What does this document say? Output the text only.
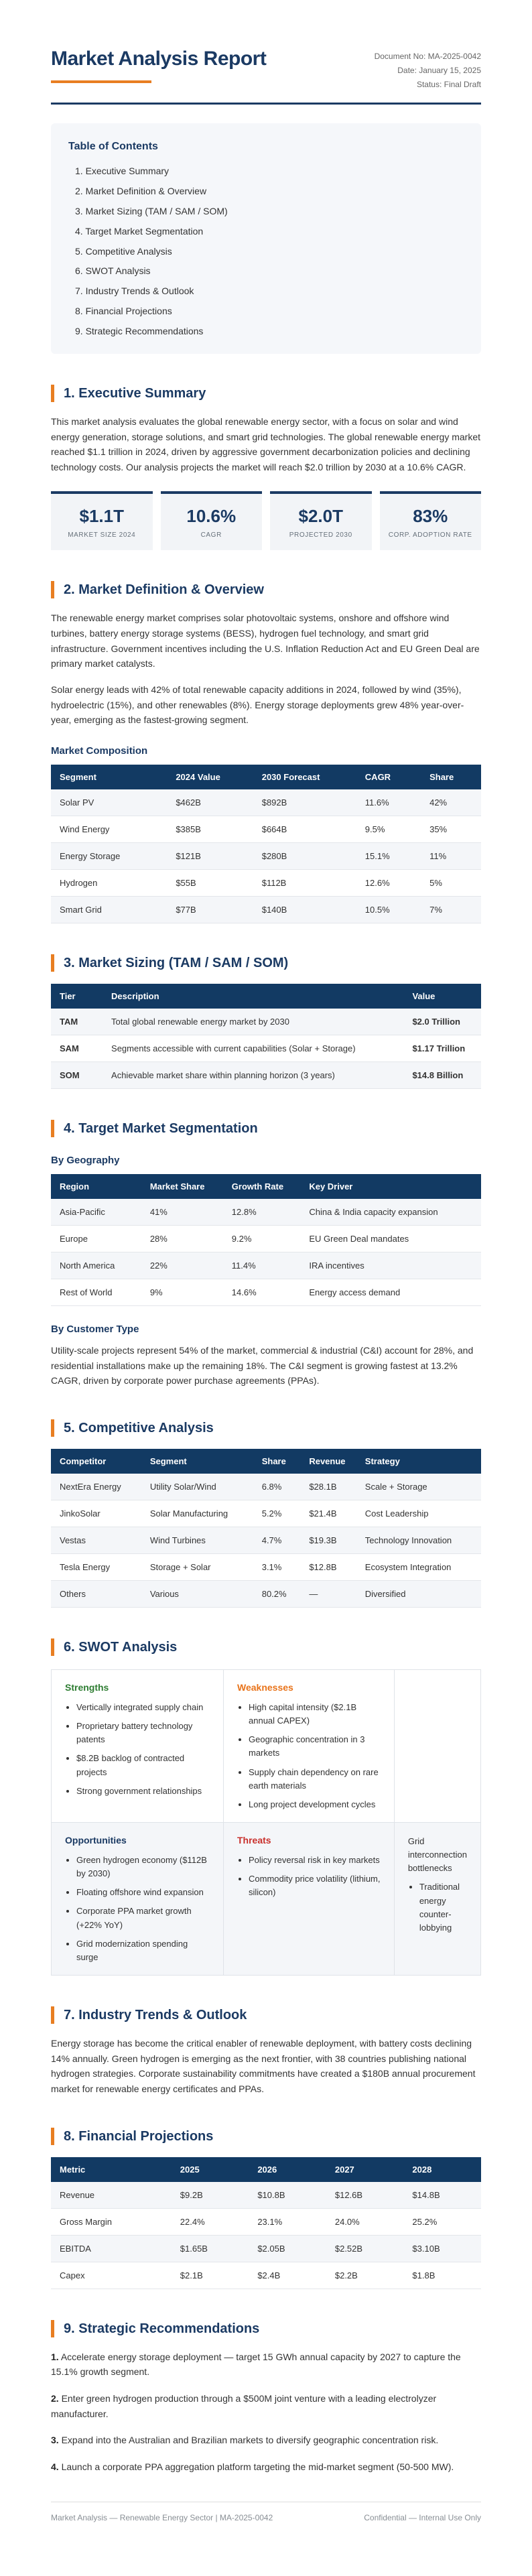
Market Analysis Report	Document No: MA-2025-0042
Date: January 15, 2025
Status: Final Draft
Table of Contents
1. Executive Summary
2. Market Definition & Overview
3. Market Sizing (TAM / SAM / SOM)
4. Target Market Segmentation
5. Competitive Analysis
6. SWOT Analysis
7. Industry Trends & Outlook
8. Financial Projections
9. Strategic Recommendations
1. Executive Summary

This market analysis evaluates the global renewable energy sector, with a focus on solar and wind energy generation, storage solutions, and smart grid technologies. The global renewable energy market reached $1.1 trillion in 2024, driven by aggressive government decarbonization policies and declining technology costs. Our analysis projects the market will reach $2.0 trillion by 2030 at a 10.6% CAGR.

$1.1T
MARKET SIZE 2024
10.6%
CAGR
$2.0T
PROJECTED 2030
83%
CORP. ADOPTION RATE
2. Market Definition & Overview

The renewable energy market comprises solar photovoltaic systems, onshore and offshore wind turbines, battery energy storage systems (BESS), hydrogen fuel technology, and smart grid infrastructure. Government incentives including the U.S. Inflation Reduction Act and EU Green Deal are primary market catalysts.

Solar energy leads with 42% of total renewable capacity additions in 2024, followed by wind (35%), hydroelectric (15%), and other renewables (8%). Energy storage deployments grew 48% year-over-year, emerging as the fastest-growing segment.

Market Composition
Segment	2024 Value	2030 Forecast	CAGR	Share
Solar PV	$462B	$892B	11.6%	42%
Wind Energy	$385B	$664B	9.5%	35%
Energy Storage	$121B	$280B	15.1%	11%
Hydrogen	$55B	$112B	12.6%	5%
Smart Grid	$77B	$140B	10.5%	7%
3. Market Sizing (TAM / SAM / SOM)
Tier	Description	Value
TAM	Total global renewable energy market by 2030	$2.0 Trillion
SAM	Segments accessible with current capabilities (Solar + Storage)	$1.17 Trillion
SOM	Achievable market share within planning horizon (3 years)	$14.8 Billion
4. Target Market Segmentation
By Geography
Region	Market Share	Growth Rate	Key Driver
Asia-Pacific	41%	12.8%	China & India capacity expansion
Europe	28%	9.2%	EU Green Deal mandates
North America	22%	11.4%	IRA incentives
Rest of World	9%	14.6%	Energy access demand
By Customer Type

Utility-scale projects represent 54% of the market, commercial & industrial (C&I) account for 28%, and residential installations make up the remaining 18%. The C&I segment is growing fastest at 13.2% CAGR, driven by corporate power purchase agreements (PPAs).

5. Competitive Analysis
Competitor	Segment	Share	Revenue	Strategy
NextEra Energy	Utility Solar/Wind	6.8%	$28.1B	Scale + Storage
JinkoSolar	Solar Manufacturing	5.2%	$21.4B	Cost Leadership
Vestas	Wind Turbines	4.7%	$19.3B	Technology Innovation
Tesla Energy	Storage + Solar	3.1%	$12.8B	Ecosystem Integration
Others	Various	80.2%	—	Diversified
6. SWOT Analysis
Strengths
• Vertically integrated supply chain
• Proprietary battery technology patents
• $8.2B backlog of contracted projects
• Strong government relationships
Weaknesses
• High capital intensity ($2.1B annual CAPEX)
• Geographic concentration in 3 markets
• Supply chain dependency on rare earth materials
• Long project development cycles
Opportunities
• Green hydrogen economy ($112B by 2030)
• Floating offshore wind expansion
• Corporate PPA market growth (+22% YoY)
• Grid modernization spending surge
Threats
• Policy reversal risk in key markets
• Commodity price volatility (lithium, silicon)
Grid interconnection bottlenecks
• Traditional energy counter-lobbying
7. Industry Trends & Outlook

Energy storage has become the critical enabler of renewable deployment, with battery costs declining 14% annually. Green hydrogen is emerging as the next frontier, with 38 countries publishing national hydrogen strategies. Corporate sustainability commitments have created a $180B annual procurement market for renewable energy certificates and PPAs.

8. Financial Projections
Metric	2025	2026	2027	2028
Revenue	$9.2B	$10.8B	$12.6B	$14.8B
Gross Margin	22.4%	23.1%	24.0%	25.2%
EBITDA	$1.65B	$2.05B	$2.52B	$3.10B
Capex	$2.1B	$2.4B	$2.2B	$1.8B
9. Strategic Recommendations

1. Accelerate energy storage deployment — target 15 GWh annual capacity by 2027 to capture the 15.1% growth segment.

2. Enter green hydrogen production through a $500M joint venture with a leading electrolyzer manufacturer.

3. Expand into the Australian and Brazilian markets to diversify geographic concentration risk.

4. Launch a corporate PPA aggregation platform targeting the mid-market segment (50-500 MW).

Market Analysis — Renewable Energy Sector | MA-2025-0042	Confidential — Internal Use Only
